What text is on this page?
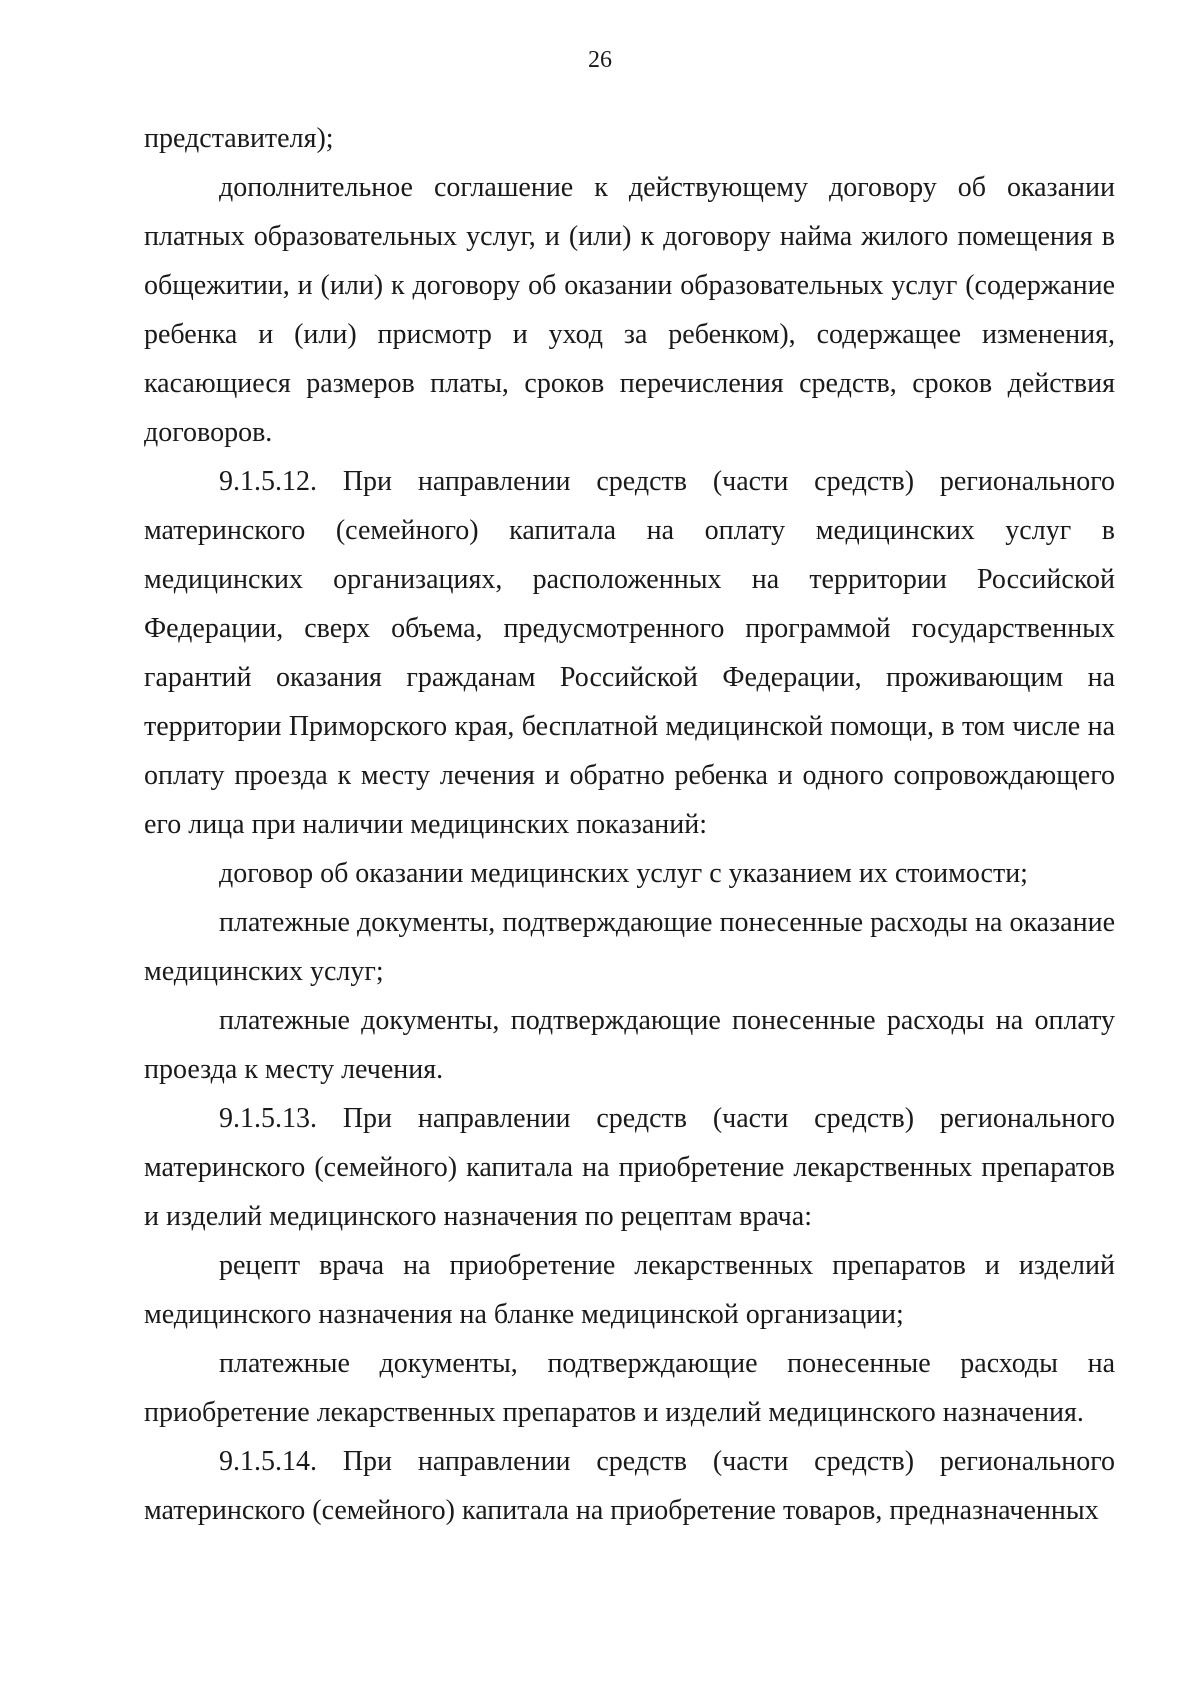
26

представителя);

дополнительное соглашение к действующему договору об оказании платных образовательных услуг, и (или) к договору найма жилого помещения в общежитии, и (или) к договору об оказании образовательных услуг (содержание ребенка и (или) присмотр и уход за ребенком), содержащее изменения, касающиеся размеров платы, сроков перечисления средств, сроков действия договоров.

9.1.5.12. При направлении средств (части средств) регионального материнского (семейного) капитала на оплату медицинских услуг в медицинских организациях, расположенных на территории Российской Федерации, сверх объема, предусмотренного программой государственных гарантий оказания гражданам Российской Федерации, проживающим на территории Приморского края, бесплатной медицинской помощи, в том числе на оплату проезда к месту лечения и обратно ребенка и одного сопровождающего его лица при наличии медицинских показаний:

договор об оказании медицинских услуг с указанием их стоимости;

платежные документы, подтверждающие понесенные расходы на оказание медицинских услуг;

платежные документы, подтверждающие понесенные расходы на оплату проезда к месту лечения.

9.1.5.13. При направлении средств (части средств) регионального материнского (семейного) капитала на приобретение лекарственных препаратов и изделий медицинского назначения по рецептам врача:

рецепт врача на приобретение лекарственных препаратов и изделий медицинского назначения на бланке медицинской организации;

платежные документы, подтверждающие понесенные расходы на приобретение лекарственных препаратов и изделий медицинского назначения.

9.1.5.14. При направлении средств (части средств) регионального материнского (семейного) капитала на приобретение товаров, предназначенных
